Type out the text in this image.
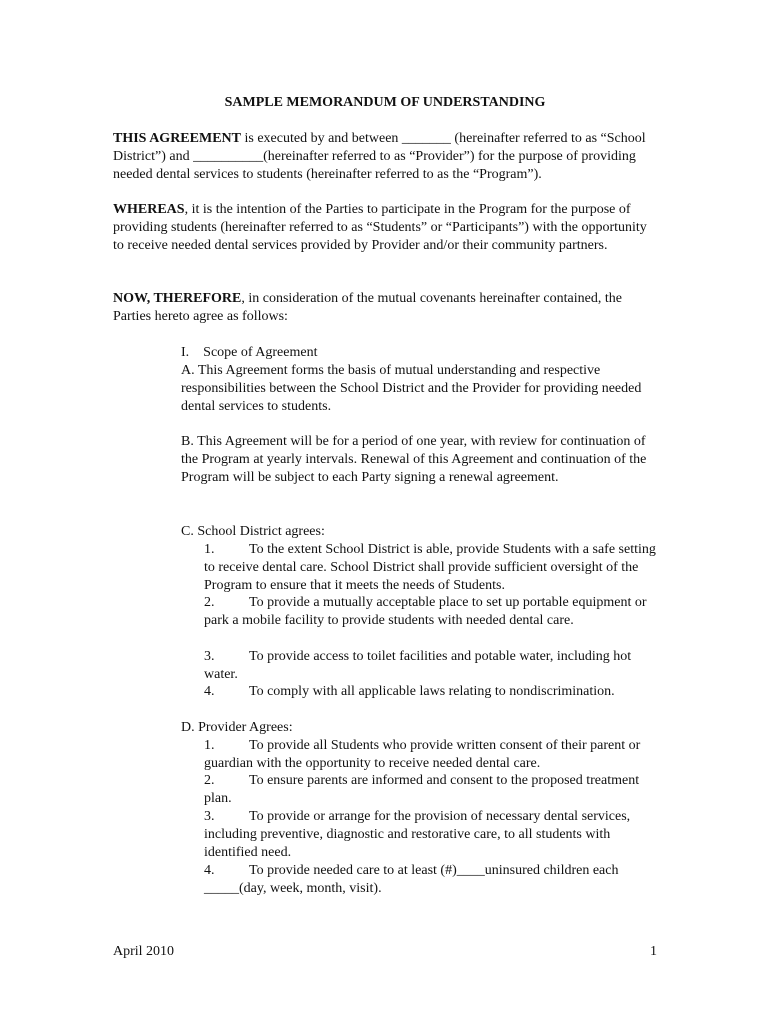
SAMPLE MEMORANDUM OF UNDERSTANDING
THIS AGREEMENT is executed by and between _______ (hereinafter referred to as “School District”) and __________(hereinafter referred to as “Provider”) for the purpose of providing needed dental services to students (hereinafter referred to as the “Program”).
WHEREAS, it is the intention of the Parties to participate in the Program for the purpose of providing students (hereinafter referred to as “Students” or “Participants”) with the opportunity to receive needed dental services provided by Provider and/or their community partners.
NOW, THEREFORE, in consideration of the mutual covenants hereinafter contained, the Parties hereto agree as follows:
I.    Scope of Agreement
A. This Agreement forms the basis of mutual understanding and respective responsibilities between the School District and the Provider for providing needed dental services to students.
B. This Agreement will be for a period of one year, with review for continuation of the Program at yearly intervals. Renewal of this Agreement and continuation of the Program will be subject to each Party signing a renewal agreement.
C. School District agrees:
1. To the extent School District is able, provide Students with a safe setting to receive dental care. School District shall provide sufficient oversight of the Program to ensure that it meets the needs of Students.
2. To provide a mutually acceptable place to set up portable equipment or park a mobile facility to provide students with needed dental care.
3. To provide access to toilet facilities and potable water, including hot water.
4. To comply with all applicable laws relating to nondiscrimination.
D. Provider Agrees:
1. To provide all Students who provide written consent of their parent or guardian with the opportunity to receive needed dental care.
2. To ensure parents are informed and consent to the proposed treatment plan.
3. To provide or arrange for the provision of necessary dental services, including preventive, diagnostic and restorative care, to all students with identified need.
4. To provide needed care to at least (#)____uninsured children each _____(day, week, month, visit).
April 2010	1
